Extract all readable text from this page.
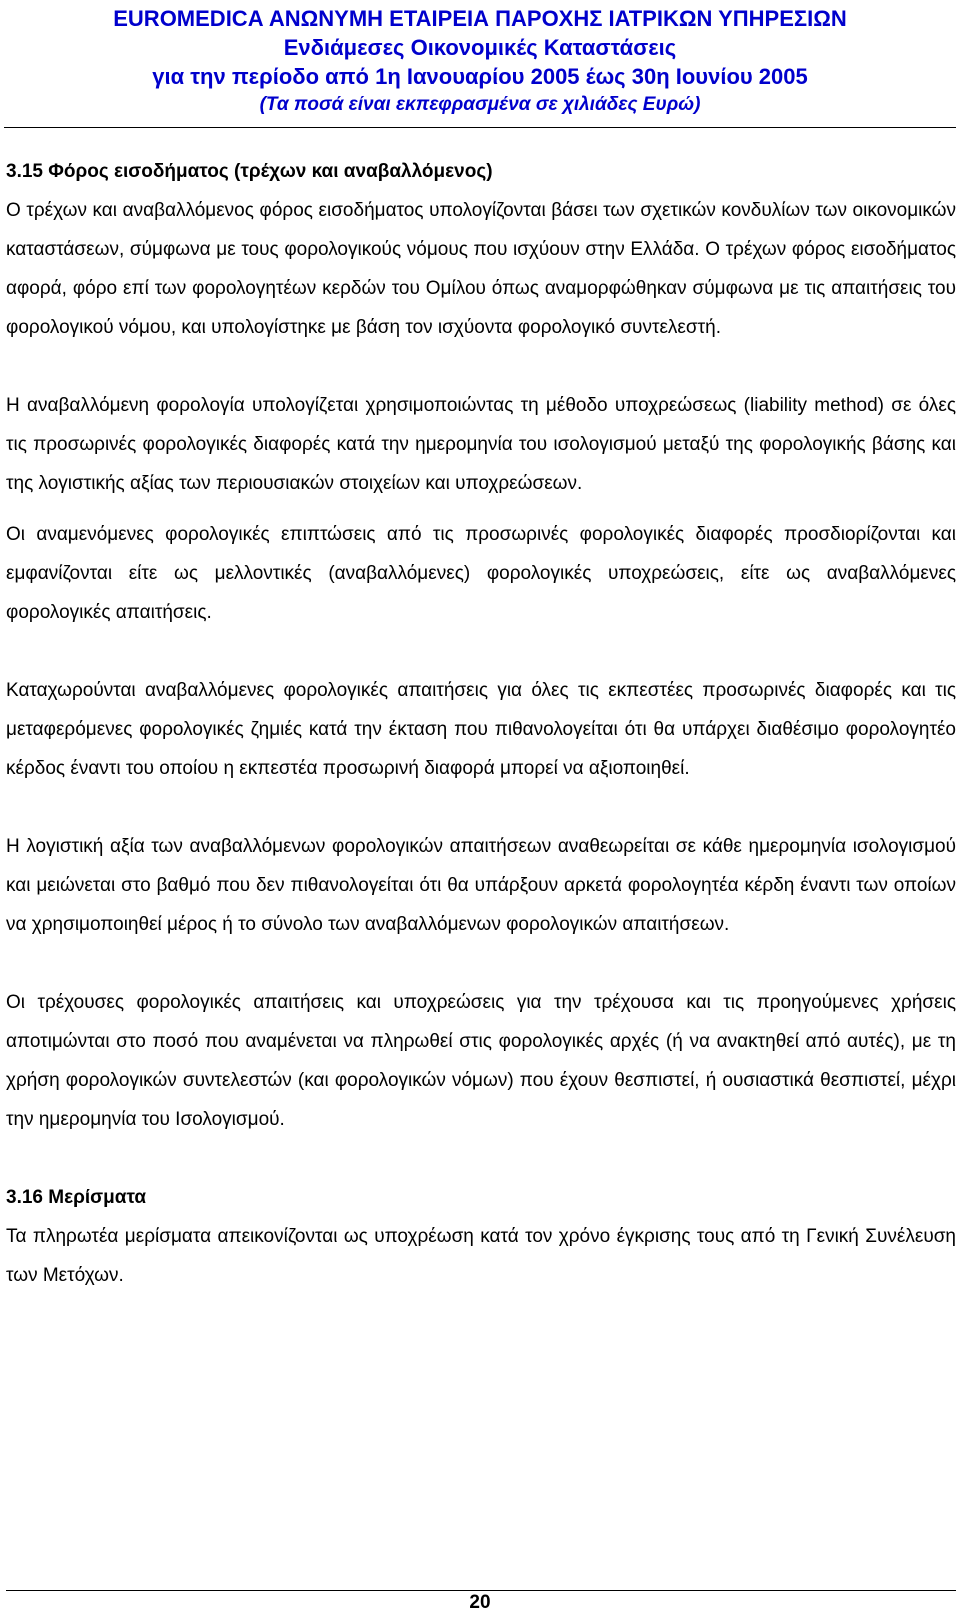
EUROMEDICA ΑΝΩΝΥΜΗ ΕΤΑΙΡΕΙΑ ΠΑΡΟΧΗΣ ΙΑΤΡΙΚΩΝ ΥΠΗΡΕΣΙΩΝ
Ενδιάμεσες Οικονομικές Καταστάσεις
για την περίοδο από 1η Ιανουαρίου 2005 έως 30η Ιουνίου 2005
(Τα ποσά είναι εκπεφρασμένα σε χιλιάδες Ευρώ)

3.15 Φόρος εισοδήματος (τρέχων και αναβαλλόμενος)

Ο τρέχων και αναβαλλόμενος φόρος εισοδήματος υπολογίζονται βάσει των σχετικών κονδυλίων των οικονομικών καταστάσεων, σύμφωνα με τους φορολογικούς νόμους που ισχύουν στην Ελλάδα. Ο τρέχων φόρος εισοδήματος αφορά, φόρο επί των φορολογητέων κερδών του Ομίλου όπως αναμορφώθηκαν σύμφωνα με τις απαιτήσεις του φορολογικού νόμου, και υπολογίστηκε με βάση τον ισχύοντα φορολογικό συντελεστή.

Η αναβαλλόμενη φορολογία υπολογίζεται χρησιμοποιώντας τη μέθοδο υποχρεώσεως (liability method) σε όλες τις προσωρινές φορολογικές διαφορές κατά την ημερομηνία του ισολογισμού μεταξύ της φορολογικής βάσης και της λογιστικής αξίας των περιουσιακών στοιχείων και υποχρεώσεων.

Οι αναμενόμενες φορολογικές επιπτώσεις από τις προσωρινές φορολογικές διαφορές προσδιορίζονται και εμφανίζονται είτε ως μελλοντικές (αναβαλλόμενες) φορολογικές υποχρεώσεις, είτε ως αναβαλλόμενες φορολογικές απαιτήσεις.

Καταχωρούνται αναβαλλόμενες φορολογικές απαιτήσεις για όλες τις εκπεστέες προσωρινές διαφορές και τις μεταφερόμενες φορολογικές ζημιές κατά την έκταση που πιθανολογείται ότι θα υπάρχει διαθέσιμο φορολογητέο κέρδος έναντι του οποίου η εκπεστέα προσωρινή διαφορά μπορεί να αξιοποιηθεί.

Η λογιστική αξία των αναβαλλόμενων φορολογικών απαιτήσεων αναθεωρείται σε κάθε ημερομηνία ισολογισμού και μειώνεται στο βαθμό που δεν πιθανολογείται ότι θα υπάρξουν αρκετά φορολογητέα κέρδη έναντι των οποίων να χρησιμοποιηθεί μέρος ή το σύνολο των αναβαλλόμενων φορολογικών απαιτήσεων.

Οι τρέχουσες φορολογικές απαιτήσεις και υποχρεώσεις για την τρέχουσα και τις προηγούμενες χρήσεις αποτιμώνται στο ποσό που αναμένεται να πληρωθεί στις φορολογικές αρχές (ή να ανακτηθεί από αυτές), με τη χρήση φορολογικών συντελεστών (και φορολογικών νόμων) που έχουν θεσπιστεί, ή ουσιαστικά θεσπιστεί, μέχρι την ημερομηνία του Ισολογισμού.

3.16 Μερίσματα

Τα πληρωτέα μερίσματα απεικονίζονται ως υποχρέωση κατά τον χρόνο έγκρισης τους από τη Γενική Συνέλευση των Μετόχων.

20
